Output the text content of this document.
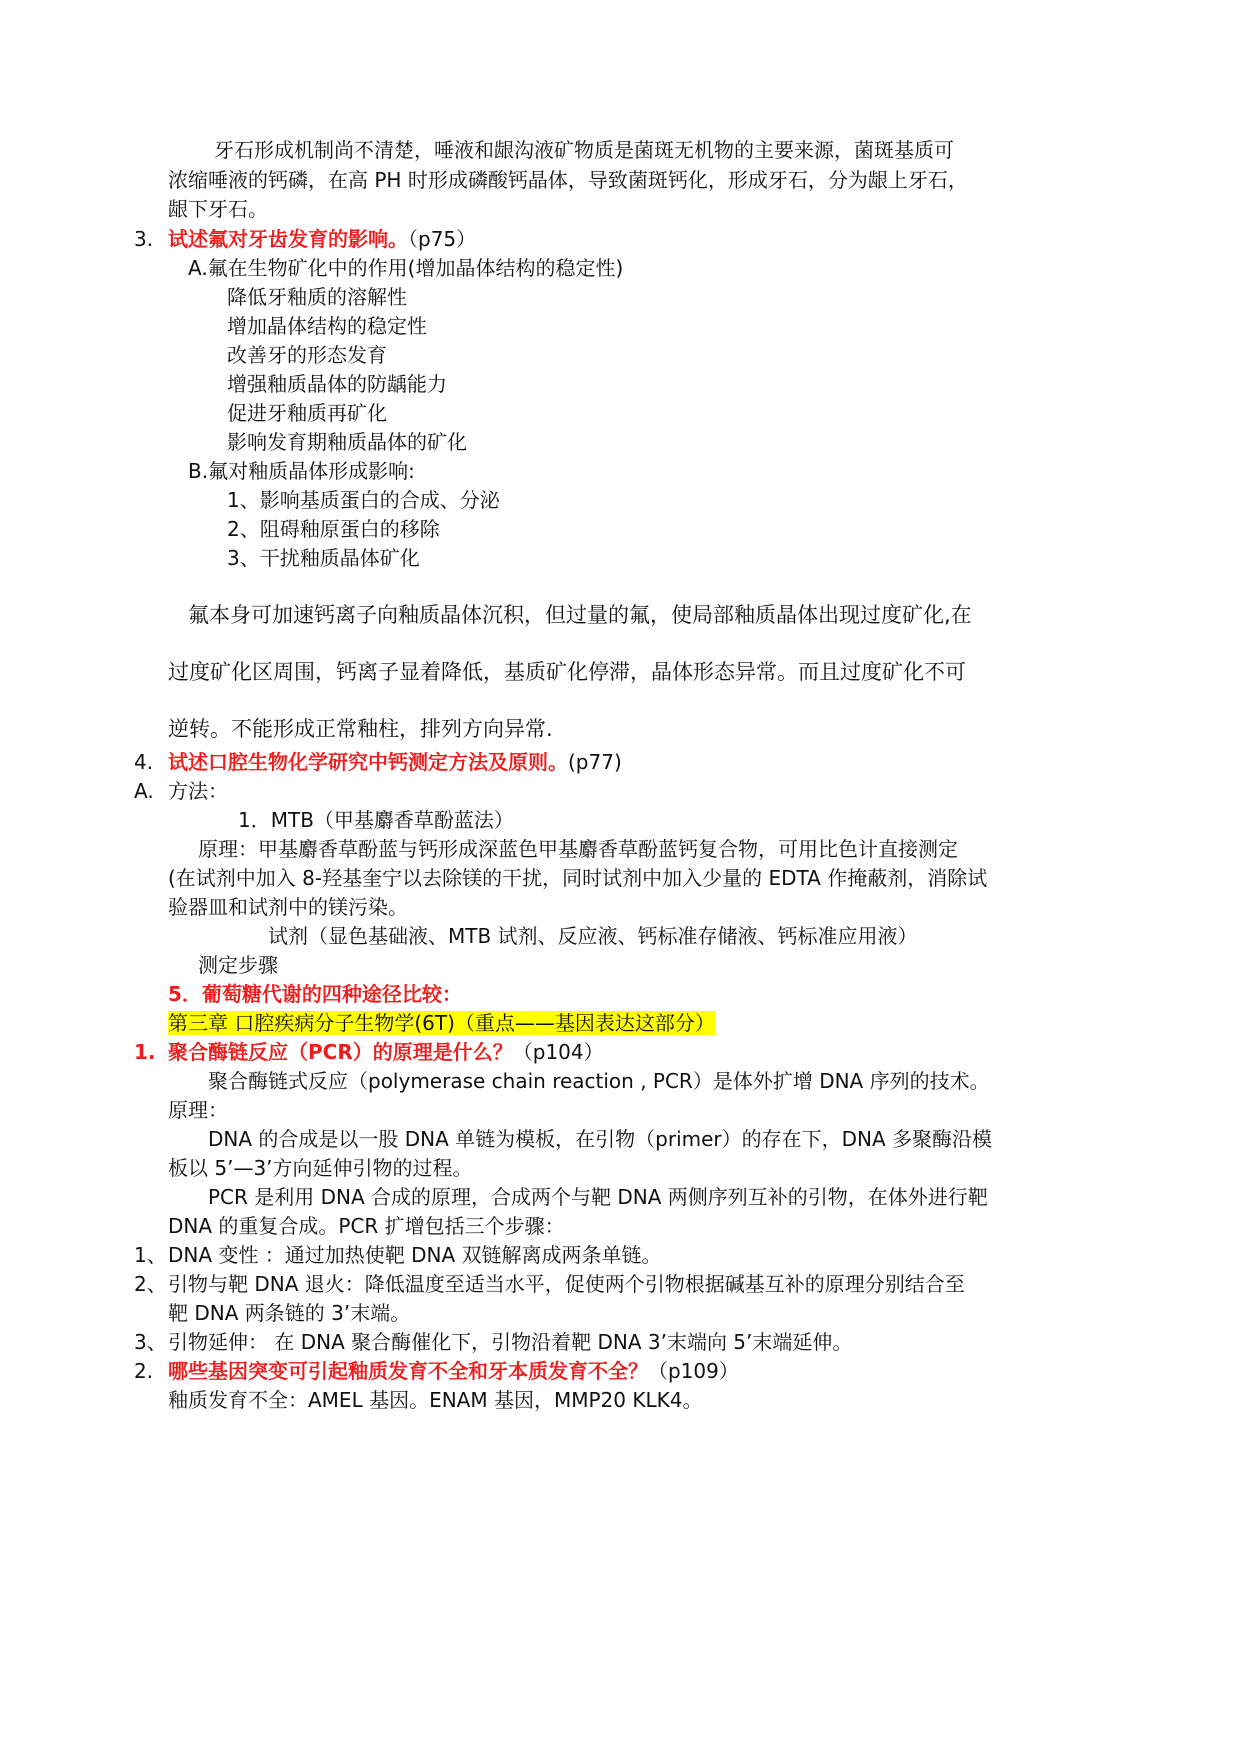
牙石形成机制尚不清楚，唾液和龈沟液矿物质是菌斑无机物的主要来源，菌斑基质可
浓缩唾液的钙磷，在高 PH 时形成磷酸钙晶体，导致菌斑钙化，形成牙石，分为龈上牙石，
龈下牙石。
3. 试述氟对牙齿发育的影响。（p75）
A.氟在生物矿化中的作用(增加晶体结构的稳定性)
降低牙釉质的溶解性
增加晶体结构的稳定性
改善牙的形态发育
增强釉质晶体的防龋能力
促进牙釉质再矿化
影响发育期釉质晶体的矿化
B.氟对釉质晶体形成影响:
1、影响基质蛋白的合成、分泌
2、阻碍釉原蛋白的移除
3、干扰釉质晶体矿化
氟本身可加速钙离子向釉质晶体沉积，但过量的氟，使局部釉质晶体出现过度矿化,在
过度矿化区周围，钙离子显着降低，基质矿化停滞，晶体形态异常。而且过度矿化不可
逆转。不能形成正常釉柱，排列方向异常.
4. 试述口腔生物化学研究中钙测定方法及原则。(p77)
A. 方法：
1．MTB（甲基麝香草酚蓝法）
原理：甲基麝香草酚蓝与钙形成深蓝色甲基麝香草酚蓝钙复合物，可用比色计直接测定
(在试剂中加入 8-羟基奎宁以去除镁的干扰，同时试剂中加入少量的 EDTA 作掩蔽剂，消除试
验器皿和试剂中的镁污染。
试剂（显色基础液、MTB 试剂、反应液、钙标准存储液、钙标准应用液）
测定步骤
5．葡萄糖代谢的四种途径比较：
第三章 口腔疾病分子生物学(6T)（重点——基因表达这部分）
1. 聚合酶链反应（PCR）的原理是什么？（p104）
聚合酶链式反应（polymerase chain reaction , PCR）是体外扩增 DNA 序列的技术。
原理：
DNA 的合成是以一股 DNA 单链为模板，在引物（primer）的存在下，DNA 多聚酶沿模
板以 5’—3’方向延伸引物的过程。
PCR 是利用 DNA 合成的原理，合成两个与靶 DNA 两侧序列互补的引物，在体外进行靶
DNA 的重复合成。PCR 扩增包括三个步骤：
1、 DNA 变性 ：通过加热使靶 DNA 双链解离成两条单链。
2、 引物与靶 DNA 退火：降低温度至适当水平，促使两个引物根据碱基互补的原理分别结合至
靶 DNA 两条链的 3’末端。
3、 引物延伸： 在 DNA 聚合酶催化下，引物沿着靶 DNA 3’末端向 5’末端延伸。
2. 哪些基因突变可引起釉质发育不全和牙本质发育不全？（p109）
釉质发育不全：AMEL 基因。ENAM 基因，MMP20 KLK4。
